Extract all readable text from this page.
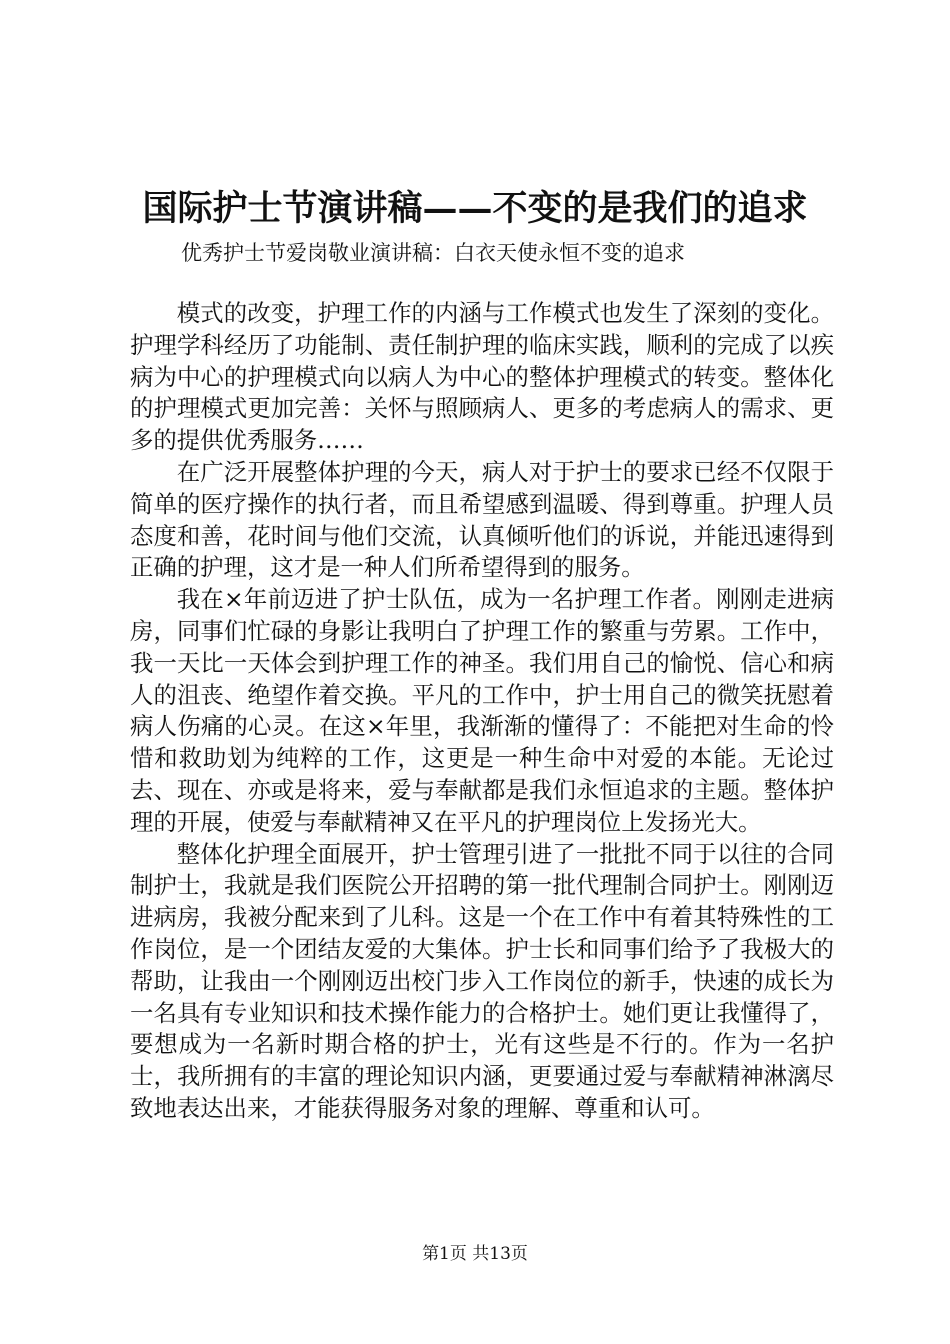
国际护士节演讲稿——不变的是我们的追求
优秀护士节爱岗敬业演讲稿：白衣天使永恒不变的追求

模式的改变，护理工作的内涵与工作模式也发生了深刻的变化。护理学科经历了功能制、责任制护理的临床实践，顺利的完成了以疾病为中心的护理模式向以病人为中心的整体护理模式的转变。整体化的护理模式更加完善：关怀与照顾病人、更多的考虑病人的需求、更多的提供优秀服务……

在广泛开展整体护理的今天，病人对于护士的要求已经不仅限于简单的医疗操作的执行者，而且希望感到温暖、得到尊重。护理人员态度和善，花时间与他们交流，认真倾听他们的诉说，并能迅速得到正确的护理，这才是一种人们所希望得到的服务。

我在×年前迈进了护士队伍，成为一名护理工作者。刚刚走进病房，同事们忙碌的身影让我明白了护理工作的繁重与劳累。工作中，我一天比一天体会到护理工作的神圣。我们用自己的愉悦、信心和病人的沮丧、绝望作着交换。平凡的工作中，护士用自己的微笑抚慰着病人伤痛的心灵。在这×年里，我渐渐的懂得了：不能把对生命的怜惜和救助划为纯粹的工作，这更是一种生命中对爱的本能。无论过去、现在、亦或是将来，爱与奉献都是我们永恒追求的主题。整体护理的开展，使爱与奉献精神又在平凡的护理岗位上发扬光大。

整体化护理全面展开，护士管理引进了一批批不同于以往的合同制护士，我就是我们医院公开招聘的第一批代理制合同护士。刚刚迈进病房，我被分配来到了儿科。这是一个在工作中有着其特殊性的工作岗位，是一个团结友爱的大集体。护士长和同事们给予了我极大的帮助，让我由一个刚刚迈出校门步入工作岗位的新手，快速的成长为一名具有专业知识和技术操作能力的合格护士。她们更让我懂得了，要想成为一名新时期合格的护士，光有这些是不行的。作为一名护士，我所拥有的丰富的理论知识内涵，更要通过爱与奉献精神淋漓尽致地表达出来，才能获得服务对象的理解、尊重和认可。

第1页 共13页
